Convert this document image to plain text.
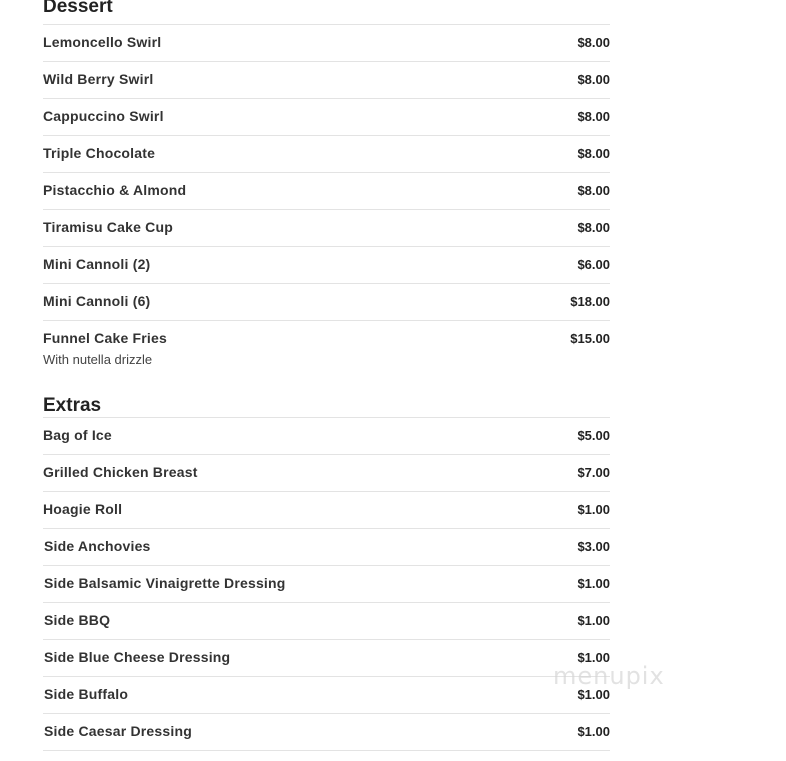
Dessert
Lemoncello Swirl	$8.00
Wild Berry Swirl	$8.00
Cappuccino Swirl	$8.00
Triple Chocolate	$8.00
Pistacchio & Almond	$8.00
Tiramisu Cake Cup	$8.00
Mini Cannoli (2)	$6.00
Mini Cannoli (6)	$18.00
Funnel Cake Fries	$15.00
With nutella drizzle
Extras
Bag of Ice	$5.00
Grilled Chicken Breast	$7.00
Hoagie Roll	$1.00
Side Anchovies	$3.00
Side Balsamic Vinaigrette Dressing	$1.00
Side BBQ	$1.00
Side Blue Cheese Dressing	$1.00
Side Buffalo	$1.00
Side Caesar Dressing	$1.00
menupix
